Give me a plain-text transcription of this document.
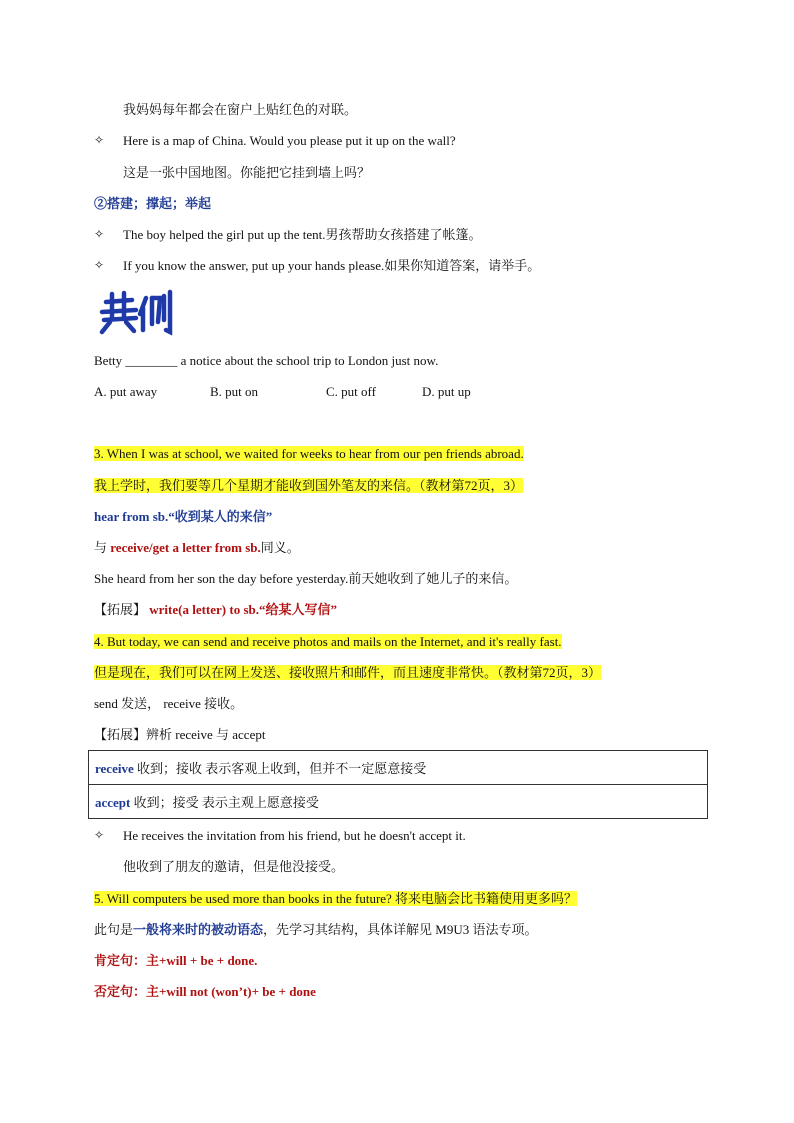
我妈妈每年都会在窗户上贴红色的对联。
✧	Here is a map of China. Would you please put it up on the wall?
这是一张中国地图。你能把它挂到墙上吗？
②搭建；撑起；举起
✧	The boy helped the girl put up the tent.男孩帮助女孩搭建了帐篷。
✧	If you know the answer, put up your hands please.如果你知道答案，请举手。
Betty ________ a notice about the school trip to London just now.
A. put away	B. put on	C. put off	D. put up
3. When I was at school, we waited for weeks to hear from our pen friends abroad.
我上学时，我们要等几个星期才能收到国外笔友的来信。（教材第72页，3）
hear from sb.“收到某人的来信”
与 receive/get a letter from sb.同义。
She heard from her son the day before yesterday.前天她收到了她儿子的来信。
【拓展】 write(a letter) to sb.“给某人写信”
4. But today, we can send and receive photos and mails on the Internet, and it's really fast.
但是现在，我们可以在网上发送、接收照片和邮件，而且速度非常快。（教材第72页，3）
send 发送， receive 接收。
【拓展】辨析 receive 与 accept
receive 收到；接收 表示客观上收到，但并不一定愿意接受
accept 收到；接受 表示主观上愿意接受
✧	He receives the invitation from his friend, but he doesn't accept it.
他收到了朋友的邀请，但是他没接受。
5. Will computers be used more than books in the future? 将来电脑会比书籍使用更多吗？
此句是一般将来时的被动语态，先学习其结构，具体详解见 M9U3 语法专项。
肯定句：主+will + be + done.
否定句：主+will not (won’t)+ be + done
